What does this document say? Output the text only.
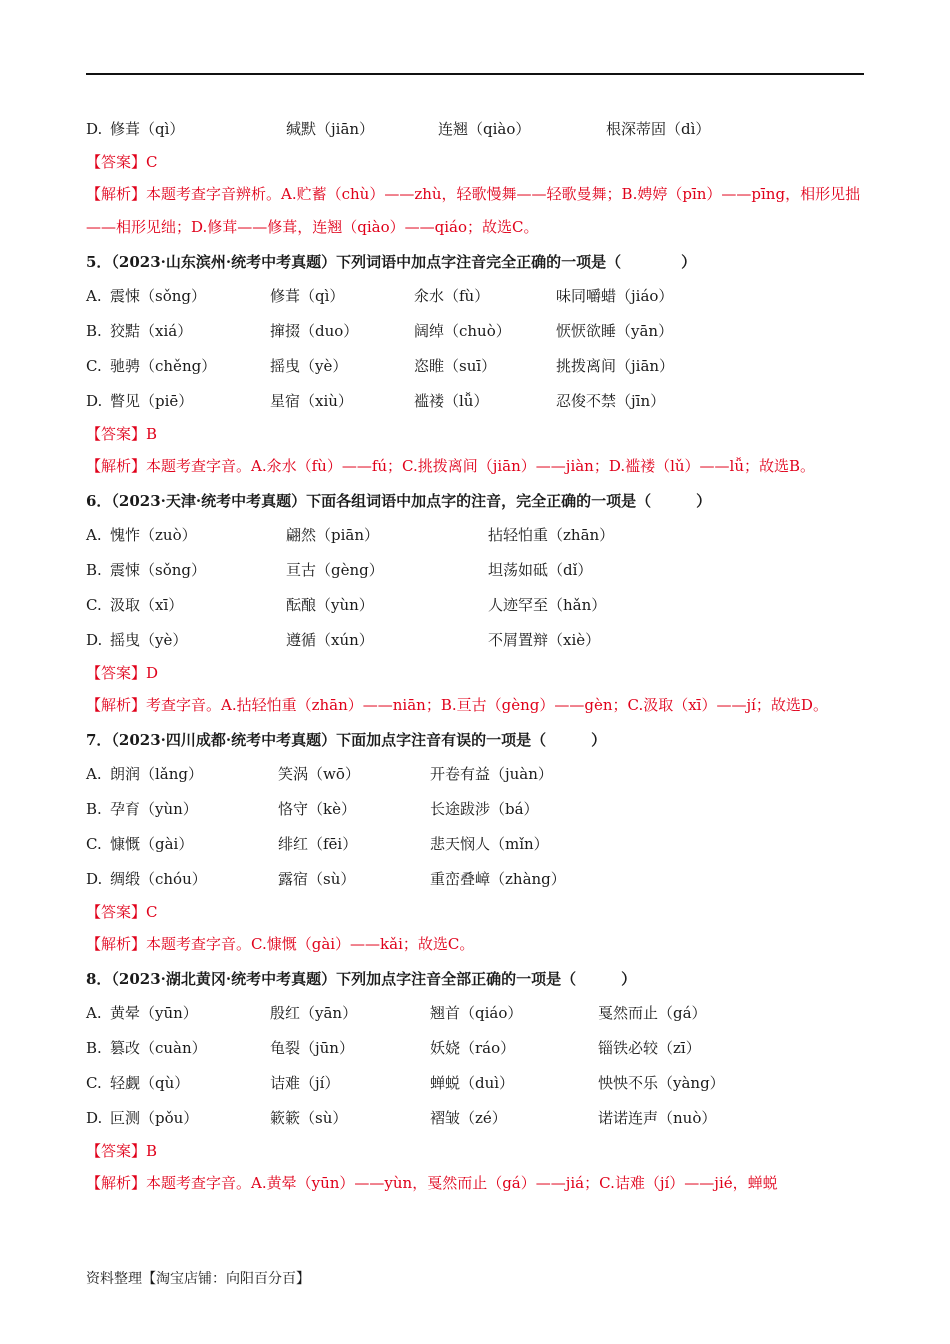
D. 修葺（qì）	缄默（jiān）	连翘（qiào）	根深蒂固（dì）
【答案】C
【解析】本题考查字音辨析。A.贮蓄（chù）——zhù，轻歌慢舞——轻歌曼舞；B.娉婷（pīn）——pīng，相形见拙——相形见绌；D.修茸——修葺，连翘（qiào）——qiáo；故选C。
5．（2023·山东滨州·统考中考真题）下列词语中加点字注音完全正确的一项是（　　　　）
A. 震悚（sǒng）	修葺（qì）	氽水（fù）	味同嚼蜡（jiáo）
B. 狡黠（xiá）	撺掇（duo）	阔绰（chuò）	恹恹欲睡（yān）
C. 驰骋（chěng）	摇曳（yè）	恣睢（suī）	挑拨离间（jiān）
D. 瞥见（piē）	星宿（xiù）	褴褛（lǚ）	忍俊不禁（jīn）
【答案】B
【解析】本题考查字音。A.氽水（fù）——fú；C.挑拨离间（jiān）——jiàn；D.褴褛（lǔ）——lǚ；故选B。
6．（2023·天津·统考中考真题）下面各组词语中加点字的注音，完全正确的一项是（　　　）
A. 愧怍（zuò）	翩然（piān）	拈轻怕重（zhān）
B. 震悚（sǒng）	亘古（gèng）	坦荡如砥（dǐ）
C. 汲取（xī）	酝酿（yùn）	人迹罕至（hǎn）
D. 摇曳（yè）	遵循（xún）	不屑置辩（xiè）
【答案】D
【解析】考查字音。A.拈轻怕重（zhān）——niān；B.亘古（gèng）——gèn；C.汲取（xī）——jí；故选D。
7．（2023·四川成都·统考中考真题）下面加点字注音有误的一项是（　　　）
A. 朗润（lǎng）	笑涡（wō）	开卷有益（juàn）
B. 孕育（yùn）	恪守（kè）	长途跋涉（bá）
C. 慷慨（gài）	绯红（fēi）	悲天悯人（mǐn）
D. 绸缎（chóu）	露宿（sù）	重峦叠嶂（zhàng）
【答案】C
【解析】本题考查字音。C.慷慨（gài）——kǎi；故选C。
8．（2023·湖北黄冈·统考中考真题）下列加点字注音全部正确的一项是（　　　）
A. 黄晕（yūn）	殷红（yān）	翘首（qiáo）	戛然而止（gá）
B. 篡改（cuàn）	龟裂（jūn）	妖娆（ráo）	锱铁必较（zī）
C. 轻觑（qù）	诘难（jí）	蝉蜕（duì）	怏怏不乐（yàng）
D. 叵测（pǒu）	簌簌（sù）	褶皱（zé）	诺诺连声（nuò）
【答案】B
【解析】本题考查字音。A.黄晕（yūn）——yùn，戛然而止（gá）——jiá；C.诘难（jí）——jié，蝉蜕
资料整理【淘宝店铺：向阳百分百】
